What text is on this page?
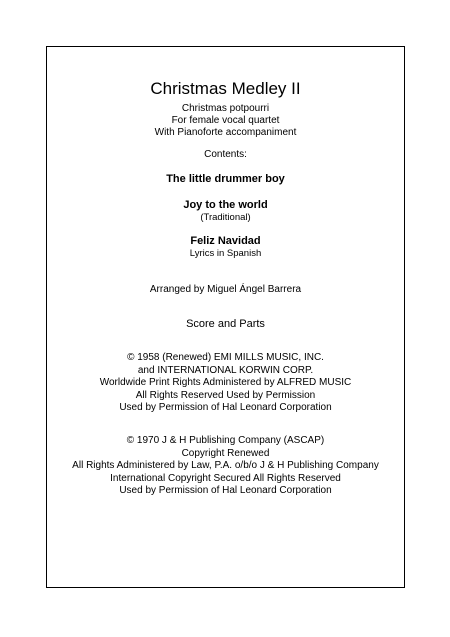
Christmas Medley II
Christmas potpourri
For female vocal quartet
With Pianoforte accompaniment
Contents:
The little drummer boy
Joy to the world
(Traditional)
Feliz Navidad
Lyrics in Spanish
Arranged by Miguel Ángel Barrera
Score and Parts
© 1958 (Renewed) EMI MILLS MUSIC, INC.
and INTERNATIONAL KORWIN CORP.
Worldwide Print Rights Administered by ALFRED MUSIC
All Rights Reserved Used by Permission
Used by Permission of Hal Leonard Corporation
© 1970 J & H Publishing Company (ASCAP)
Copyright Renewed
All Rights Administered by Law, P.A. o/b/o J & H Publishing Company
International Copyright Secured All Rights Reserved
Used by Permission of Hal Leonard Corporation
